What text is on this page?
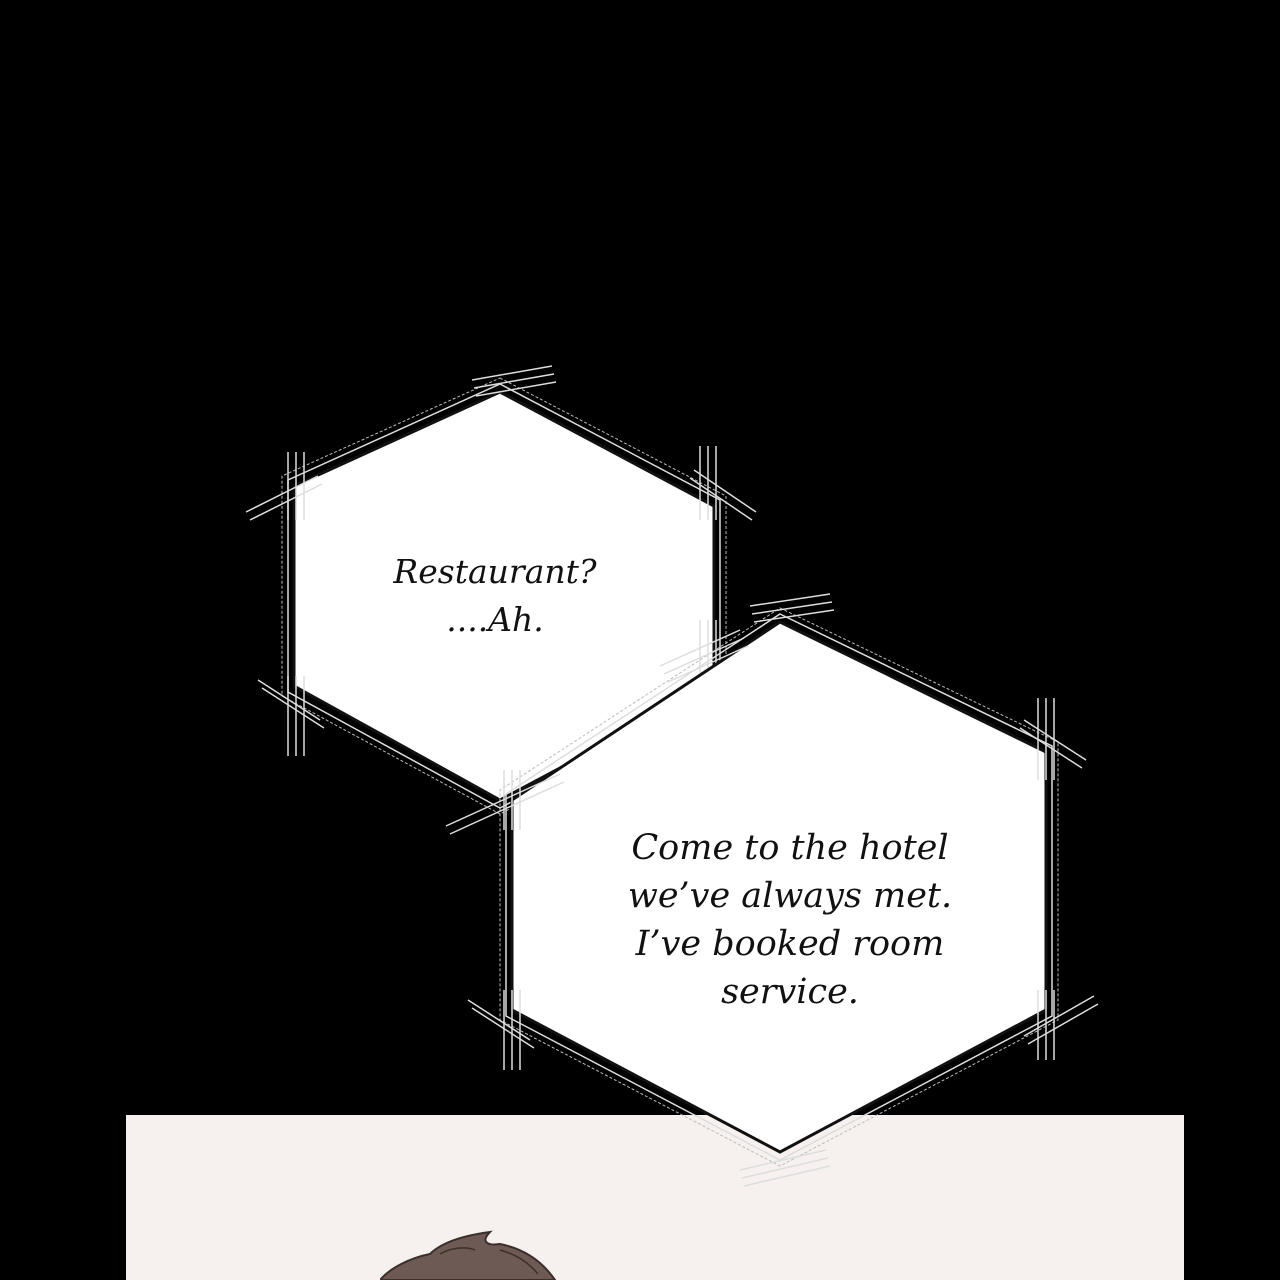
Restaurant?
....Ah.
Come to the hotel
we’ve always met.
I’ve booked room
service.
